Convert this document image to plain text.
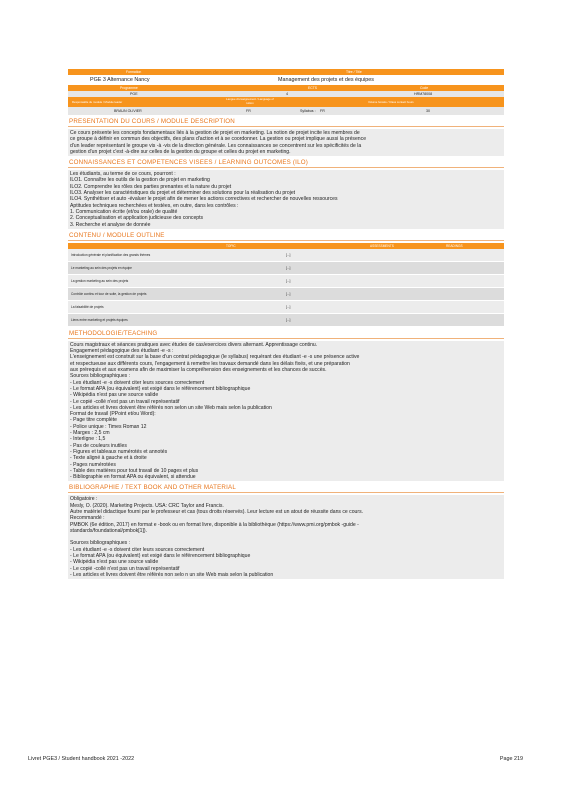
Formation	Titre / Title
PGE 3 Alternance Nancy	Management des projets et des équipes
Programme	ECTS	Code
PGE	4	HRM78008
Responsable du module / Module leader
Langue d'enseignement / Language of tuition	Volume horaire / Class contact hours
BRAUN OLIVIER	FR	Syllabus : FR	30
PRESENTATION DU COURS / MODULE DESCRIPTION
Ce cours présente les concepts fondamentaux liés à la gestion de projet en marketing. La notion de projet incite les membres de
ce groupe à définir en commun des objectifs, des plans d'action et à se coordonner. La gestion ou projet implique aussi la présence
d'un leader représentant le groupe vis -à -vis de la direction générale. Les connaissances se concentrent sur les spécificités de la
gestion d'un projet c'est -à-dire sur celles de la gestion du groupe et celles du projet en marketing.
CONNAISSANCES ET COMPETENCES VISEES / LEARNING OUTCOMES (ILO)
Les étudiants, au terme de ce cours, pourront :
ILO1. Connaître les outils de la gestion de projet en marketing
ILO2. Comprendre les rôles des parties prenantes et la nature du projet
ILO3. Analyser les caractéristiques du projet et déterminer des solutions pour la réalisation du projet
ILO4. Synthétiser et auto -évaluer le projet afin de mener les actions correctives et rechercher de nouvelles ressources
Aptitudes techniques recherchées et testées, en outre, dans les contrôles :
1. Communication écrite (et/ou orale) de qualité
2. Conceptualisation et application judicieuse des concepts
3. Recherche et analyse de donnée
CONTENU / MODULE OUTLINE
TOPIC	ASSESSMENTS	READINGS
Introduction générale et planification des grands thèmes	[...]
Le marketing au sein des projets en équipe	[...]
La gestion marketing au sein des projets	[...]
Contrôle continu et tour de suite, la gestion de projets	[...]
La faisabilité de projets	[...]
Liens entre marketing et projets équipes	[...]
METHODOLOGIE/TEACHING
Cours magistraux et séances pratiques avec études de cas/exercices divers alternant. Apprentissage continu.
Engagement pédagogique des étudiant -e -s :
L'enseignement est construit sur la base d'un contrat pédagogique (le syllabus) requérant des étudiant -e -s une présence active
et respectueuse aux différents cours, l'engagement à remettre les travaux demandé dans les délais fixés, et une préparation
aux prérequis et aux examens afin de maximiser la compréhension des enseignements et les chances de succès.
Sources bibliographiques :
- Les étudiant -e -s doivent citer leurs sources correctement
- Le format APA (ou équivalent) est exigé dans le référencement bibliographique
- Wikipédia n'est pas une source valide
- Le copié -collé n'est pas un travail représentatif
- Les articles et livres doivent être référés non selon un site Web mais selon la publication
Format de travail (PPoint et/ou Word):
- Page titre complète
- Police unique : Times Roman 12
- Marges : 2,5 cm
- Interligne : 1,5
- Pas de couleurs inutiles
- Figures et tableaux numérotés et annotés
- Texte aligné à gauche et à droite
- Pages numérotées
- Table des matières pour tout travail de 10 pages et plus
- Bibliographie en format APA ou équivalent, si attendue
BIBLIOGRAPHIE / TEXT BOOK AND OTHER MATERIAL
Obligatoire :
Mesly, O. (2020). Marketing Projects. USA: CRC Taylor and Francis.
Autre matériel didactique fourni par le professeur et cas (tous droits réservés). Leur lecture est un atout de réussite dans ce cours.
Recommandé :
PMBOK (6e édition, 2017) en format e -book ou en format livre, disponible à la bibliothèque (https://www.pmi.org/pmbok -guide -
standards/foundational/pmbok[1]).
Sources bibliographiques :
- Les étudiant -e -s doivent citer leurs sources correctement
- Le format APA (ou équivalent) est exigé dans le référencement bibliographique
- Wikipédia n'est pas une source valide
- Le copié -collé n'est pas un travail représentatif
- Les articles et livres doivent être référés non selo n un site Web mais selon la publication
Livret PGE3 / Student handbook 2021 -2022	Page 219
